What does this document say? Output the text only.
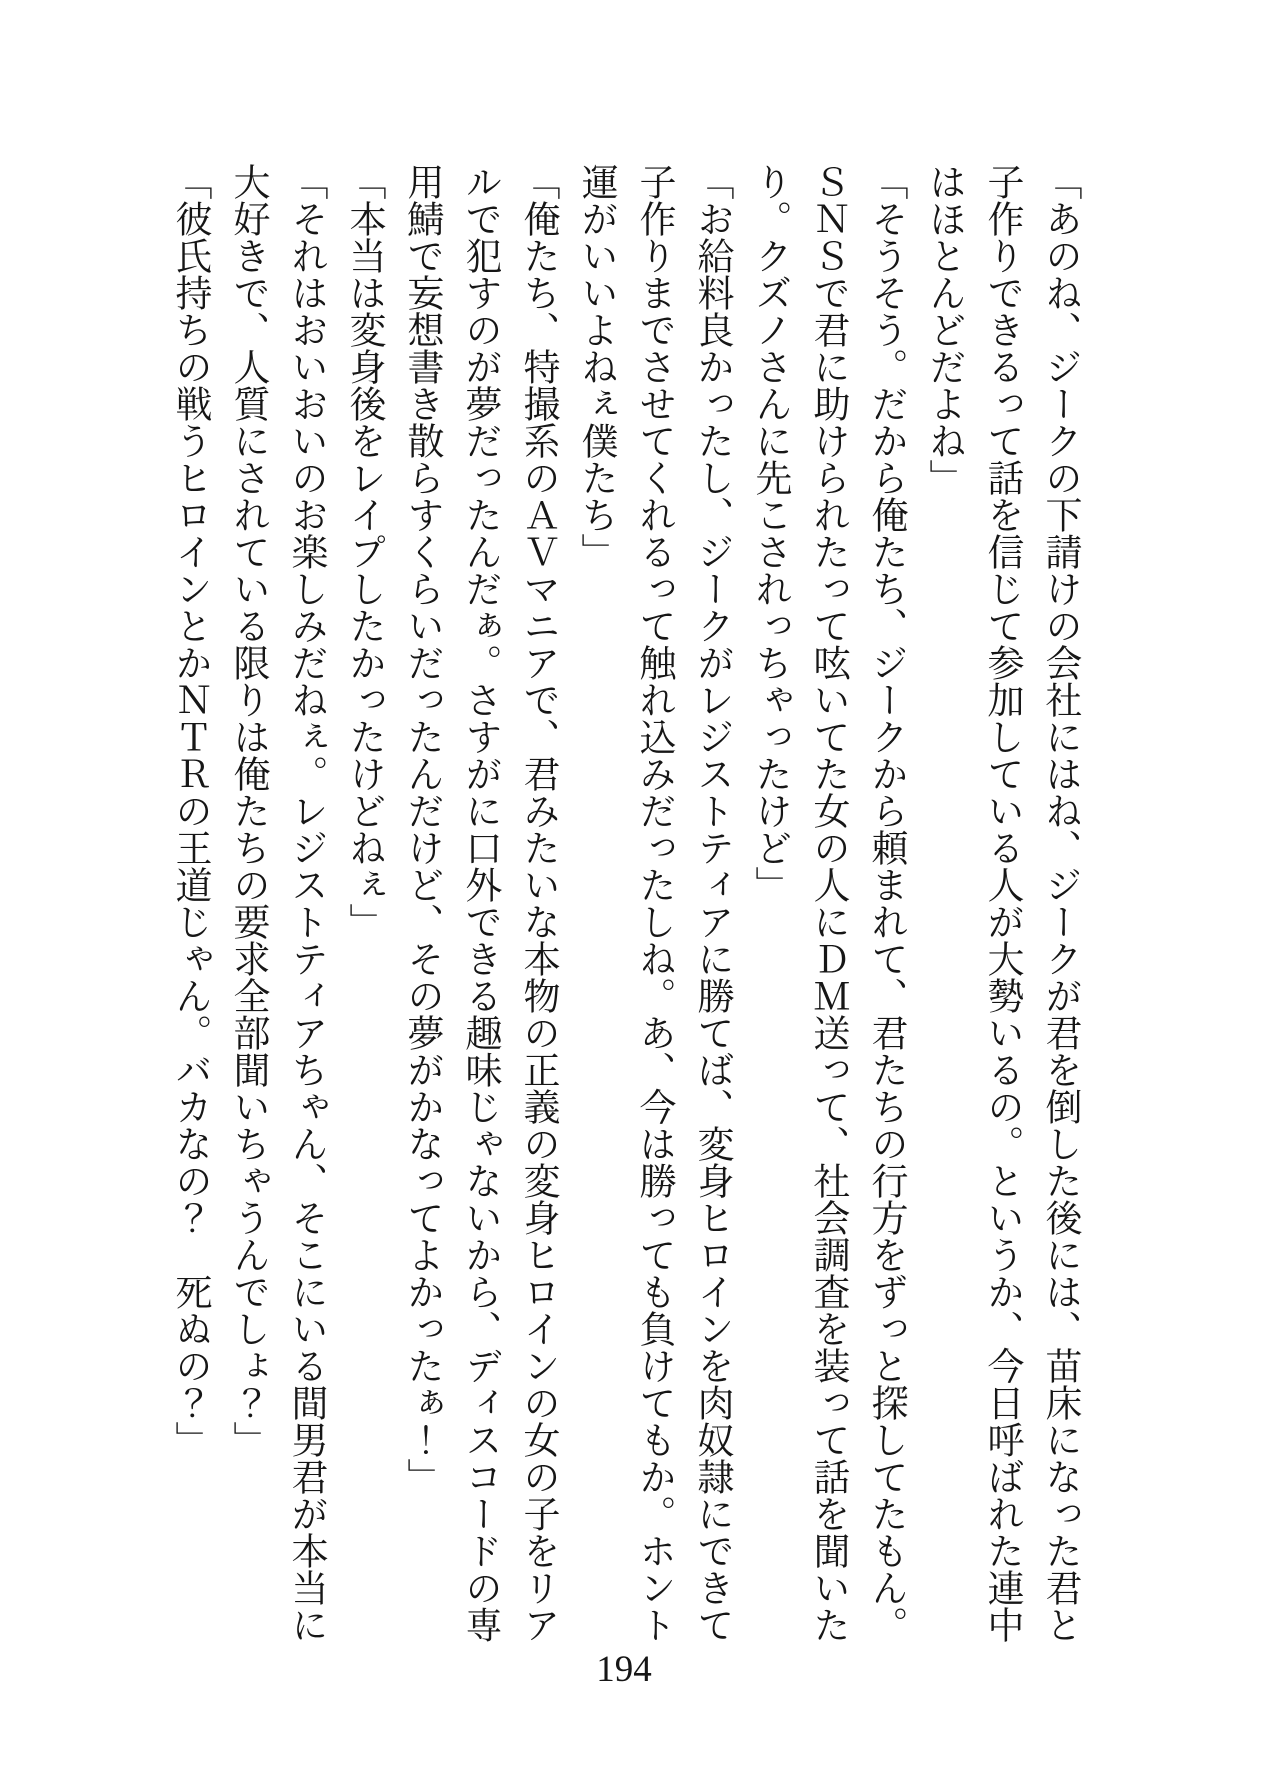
「あのね、ジークの下請けの会社にはね、ジークが君を倒した後には、苗床になった君と

子作りできるって話を信じて参加している人が大勢いるの。というか、今日呼ばれた連中

はほとんどだよね」

「そうそう。だから俺たち、ジークから頼まれて、君たちの行方をずっと探してたもん。

ＳＮＳで君に助けられたって呟いてた女の人にＤＭ送って、社会調査を装って話を聞いた

り。クズノさんに先こされっちゃったけど」

「お給料良かったし、ジークがレジストティアに勝てば、変身ヒロインを肉奴隷にできて

子作りまでさせてくれるって触れ込みだったしね。あ、今は勝っても負けてもか。ホント

運がいいよねぇ僕たち」

「俺たち、特撮系のＡＶマニアで、君みたいな本物の正義の変身ヒロインの女の子をリア

ルで犯すのが夢だったんだぁ。さすがに口外できる趣味じゃないから、ディスコードの専

用鯖で妄想書き散らすくらいだったんだけど、その夢がかなってよかったぁ！」

「本当は変身後をレイプしたかったけどねぇ」

「それはおいおいのお楽しみだねぇ。レジストティアちゃん、そこにいる間男君が本当に

大好きで、人質にされている限りは俺たちの要求全部聞いちゃうんでしょ？」

「彼氏持ちの戦うヒロインとかＮＴＲの王道じゃん。バカなの？　死ぬの？」

194
